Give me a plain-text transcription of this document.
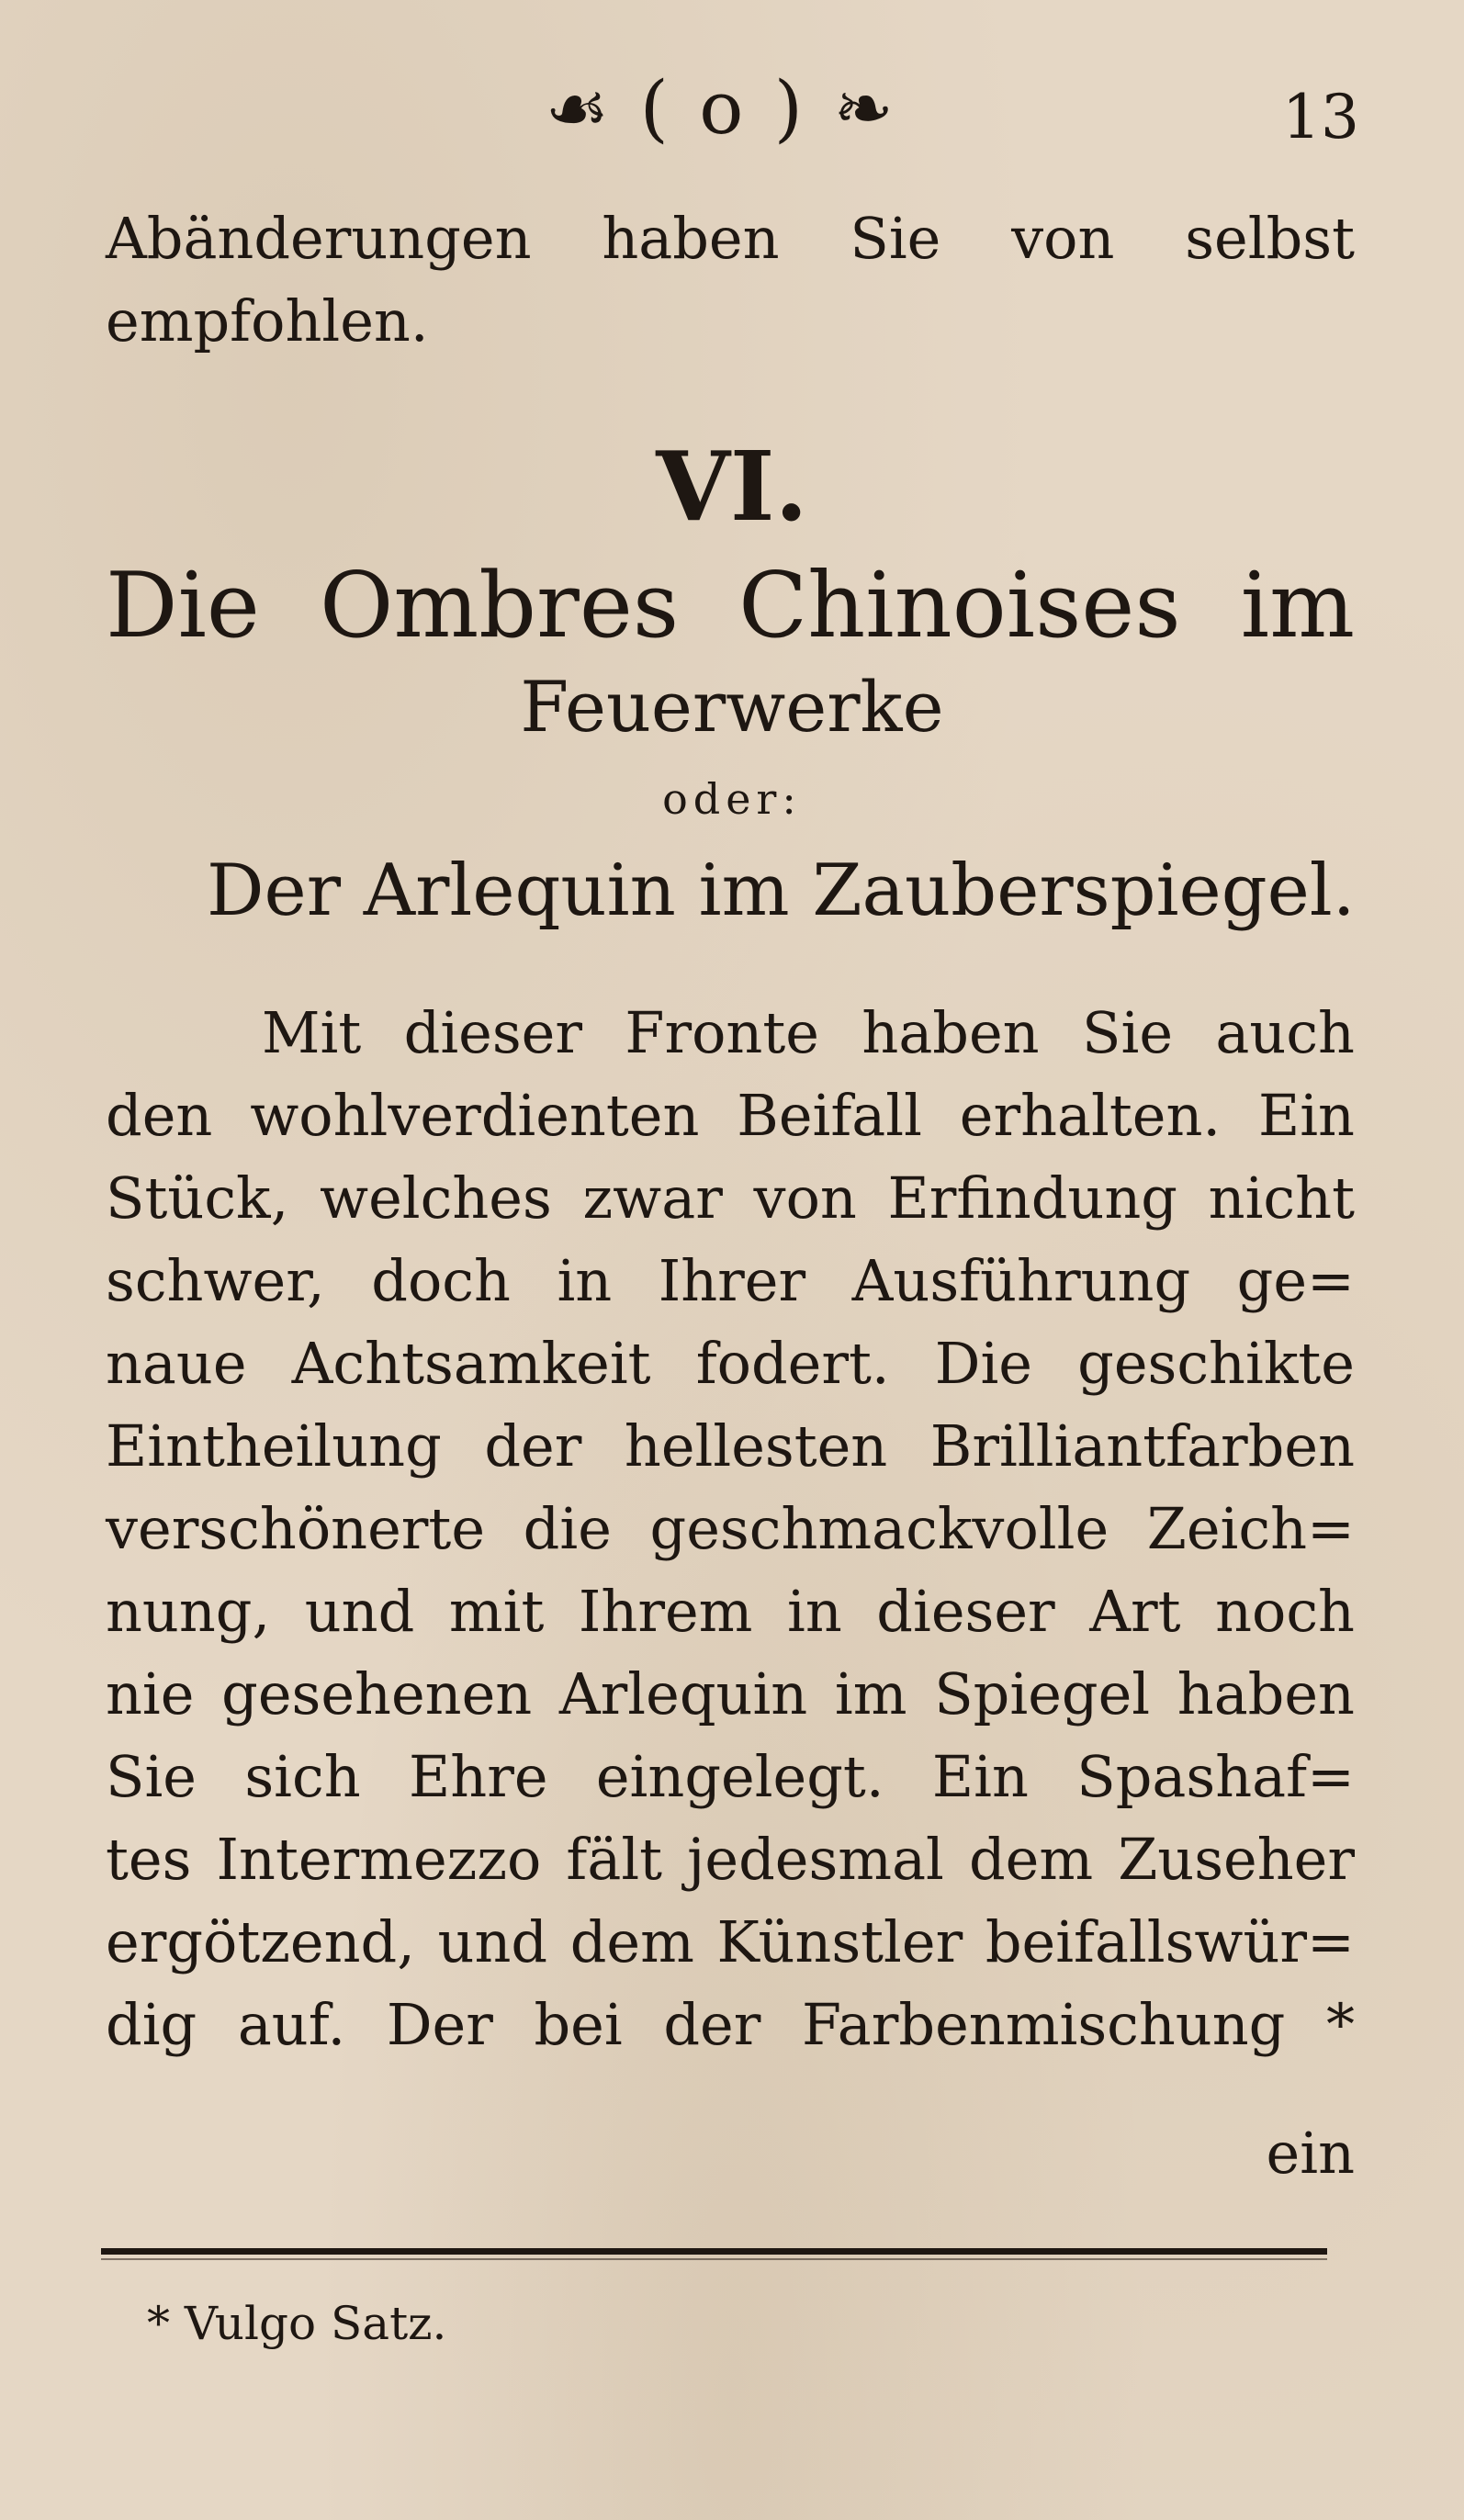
☙ ( o ) ❧	13
Abänderungen haben Sie von selbst
empfohlen.
VI.
Die Ombres Chinoises im
Feuerwerke
oder:
Der Arlequin im Zauberspiegel.
Mit dieser Fronte haben Sie auch
den wohlverdienten Beifall erhalten. Ein
Stück, welches zwar von Erfindung nicht
schwer, doch in Ihrer Ausführung ge=
naue Achtsamkeit fodert. Die geschikte
Eintheilung der hellesten Brilliantfarben
verschönerte die geschmackvolle Zeich=
nung, und mit Ihrem in dieser Art noch
nie gesehenen Arlequin im Spiegel haben
Sie sich Ehre eingelegt. Ein Spashaf=
tes Intermezzo fält jedesmal dem Zuseher
ergötzend, und dem Künstler beifallswür=
dig auf. Der bei der Farbenmischung *
ein
* Vulgo Satz.
